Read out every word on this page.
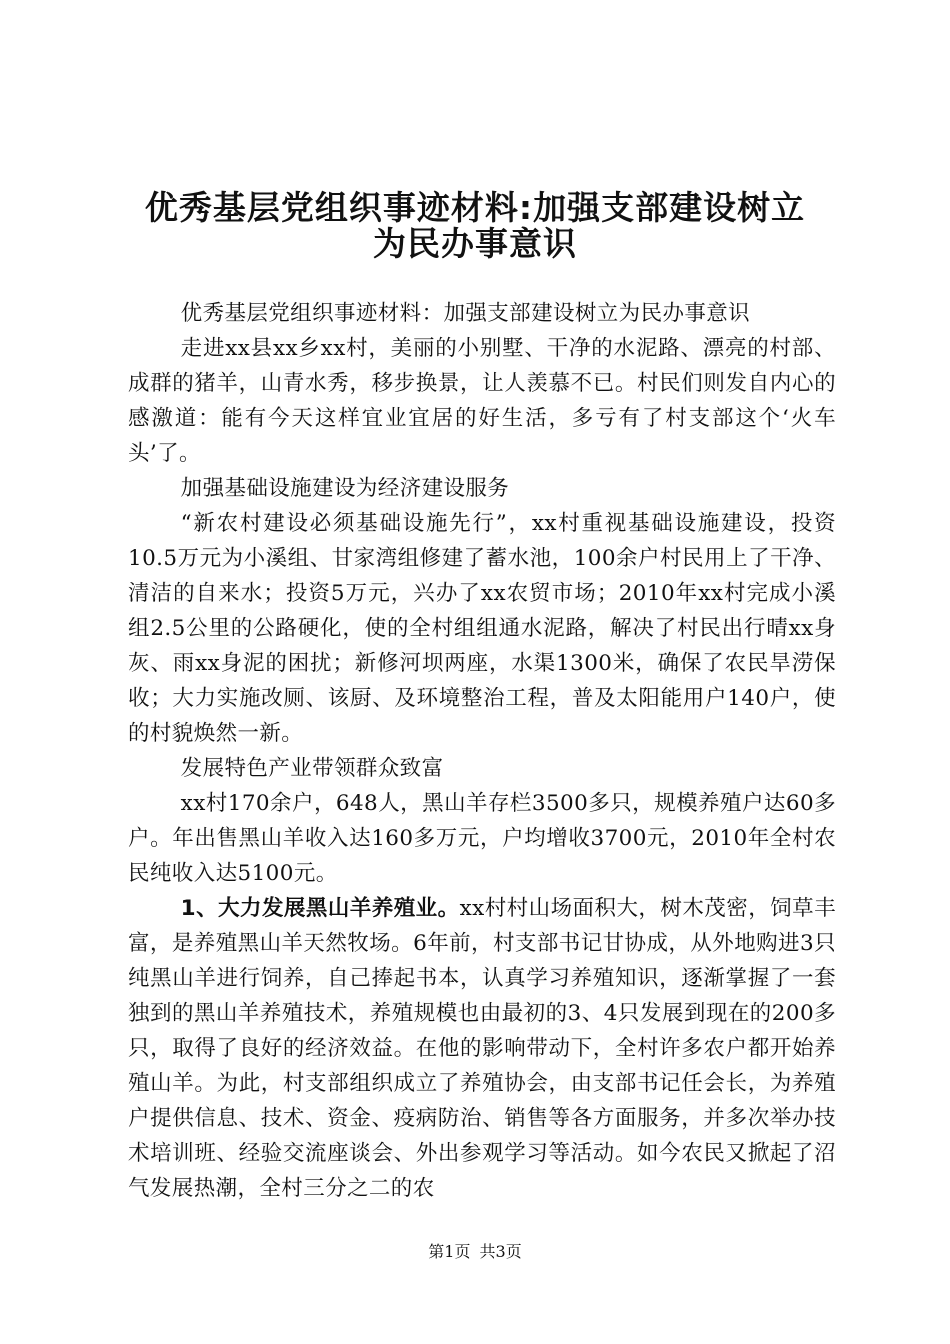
优秀基层党组织事迹材料:加强支部建设树立
为民办事意识

优秀基层党组织事迹材料：加强支部建设树立为民办事意识

走进xx县xx乡xx村，美丽的小别墅、干净的水泥路、漂亮的村部、成群的猪羊，山青水秀，移步换景，让人羡慕不已。村民们则发自内心的感激道：能有今天这样宜业宜居的好生活，多亏有了村支部这个‘火车头’了。

加强基础设施建设为经济建设服务

“新农村建设必须基础设施先行”，xx村重视基础设施建设，投资10.5万元为小溪组、甘家湾组修建了蓄水池，100余户村民用上了干净、清洁的自来水；投资5万元，兴办了xx农贸市场；2010年xx村完成小溪组2.5公里的公路硬化，使的全村组组通水泥路，解决了村民出行晴xx身灰、雨xx身泥的困扰；新修河坝两座，水渠1300米，确保了农民旱涝保收；大力实施改厕、该厨、及环境整治工程，普及太阳能用户140户，使的村貌焕然一新。

发展特色产业带领群众致富

xx村170余户，648人，黑山羊存栏3500多只，规模养殖户达60多户。年出售黑山羊收入达160多万元，户均增收3700元，2010年全村农民纯收入达5100元。

1、大力发展黑山羊养殖业。xx村村山场面积大，树木茂密，饲草丰富，是养殖黑山羊天然牧场。6年前，村支部书记甘协成，从外地购进3只纯黑山羊进行饲养，自己捧起书本，认真学习养殖知识，逐渐掌握了一套独到的黑山羊养殖技术，养殖规模也由最初的3、4只发展到现在的200多只，取得了良好的经济效益。在他的影响带动下，全村许多农户都开始养殖山羊。为此，村支部组织成立了养殖协会，由支部书记任会长，为养殖户提供信息、技术、资金、疫病防治、销售等各方面服务，并多次举办技术培训班、经验交流座谈会、外出参观学习等活动。如今农民又掀起了沼气发展热潮，全村三分之二的农

第1页 共3页
